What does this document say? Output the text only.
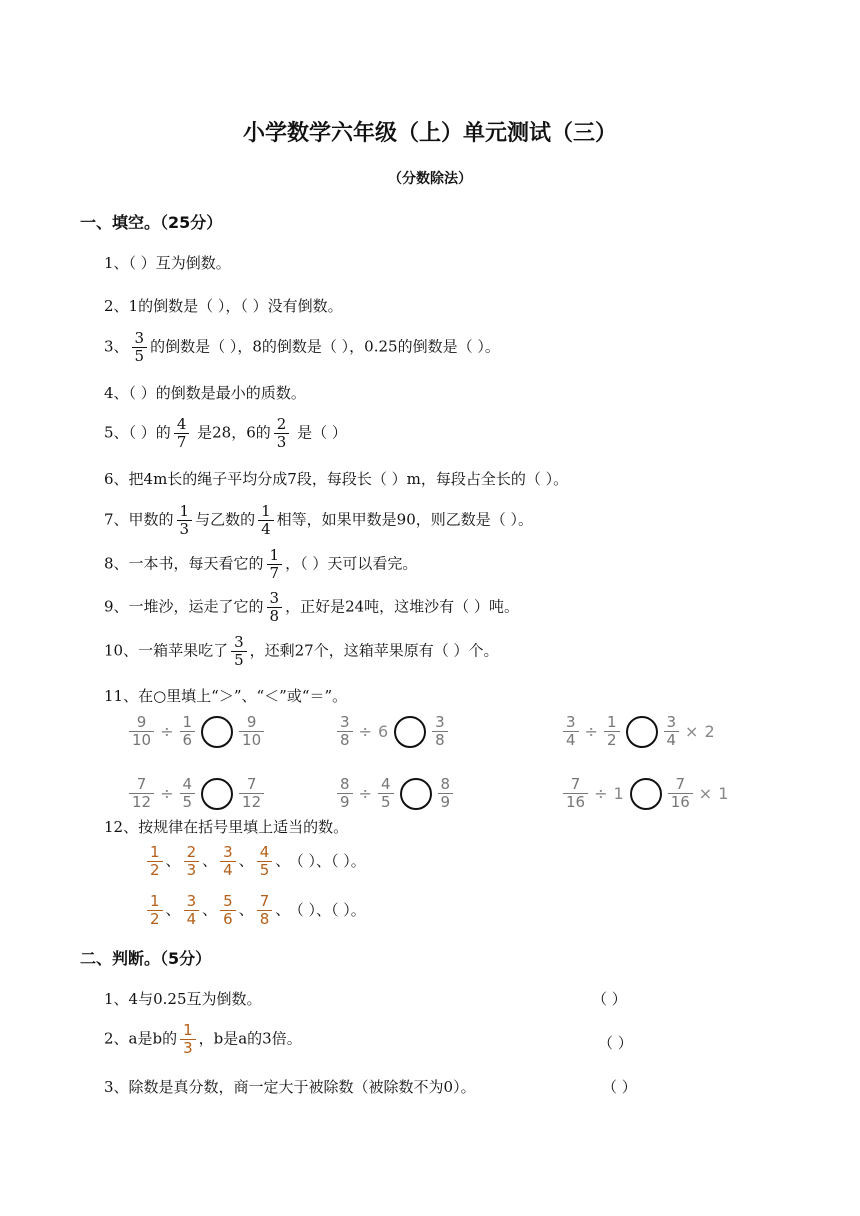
小学数学六年级（上）单元测试（三）
（分数除法）
一、填空。（25分）
1、（ ）互为倒数。
2、1的倒数是（ ），（ ）没有倒数。
3、 $\frac{3}{5}$ 的倒数是（ ），8的倒数是（ ），0.25的倒数是（ ）。
4、（ ）的倒数是最小的质数。
5、（ ）的 $\frac{4}{7}$ 是28，6的 $\frac{2}{3}$ 是（ ）
6、把4m长的绳子平均分成7段，每段长（ ）m，每段占全长的（ ）。
7、甲数的 $\frac{1}{3}$ 与乙数的 $\frac{1}{4}$ 相等，如果甲数是90，则乙数是（ ）。
8、一本书，每天看它的 $\frac{1}{7}$ ，（ ）天可以看完。
9、一堆沙，运走了它的 $\frac{3}{8}$ ，正好是24吨，这堆沙有（ ）吨。
10、一箱苹果吃了 $\frac{3}{5}$ ，还剩27个，这箱苹果原有（ ）个。
11、在○里填上“＞”、“＜”或“＝”。
$\frac{9}{10} \div \frac{1}{6}$	$\frac{9}{10}$	$\frac{3}{8} \div 6$	$\frac{3}{8}$	$\frac{3}{4} \div \frac{1}{2}$	$\frac{3}{4} \times 2$
$\frac{7}{12} \div \frac{4}{5}$	$\frac{7}{12}$	$\frac{8}{9} \div \frac{4}{5}$	$\frac{8}{9}$	$\frac{7}{16} \div 1$	$\frac{7}{16} \times 1$
12、按规律在括号里填上适当的数。
$\frac{1}{2}$ 、 $\frac{2}{3}$ 、 $\frac{3}{4}$ 、 $\frac{4}{5}$ 、 （ ）、（ ）。
$\frac{1}{2}$ 、 $\frac{3}{4}$ 、 $\frac{5}{6}$ 、 $\frac{7}{8}$ 、 （ ）、（ ）。
二、判断。（5分）
1、4与0.25互为倒数。	（ ）
2、a是b的 $\frac{1}{3}$ ，b是a的3倍。	（ ）
3、除数是真分数，商一定大于被除数（被除数不为0）。	（ ）
